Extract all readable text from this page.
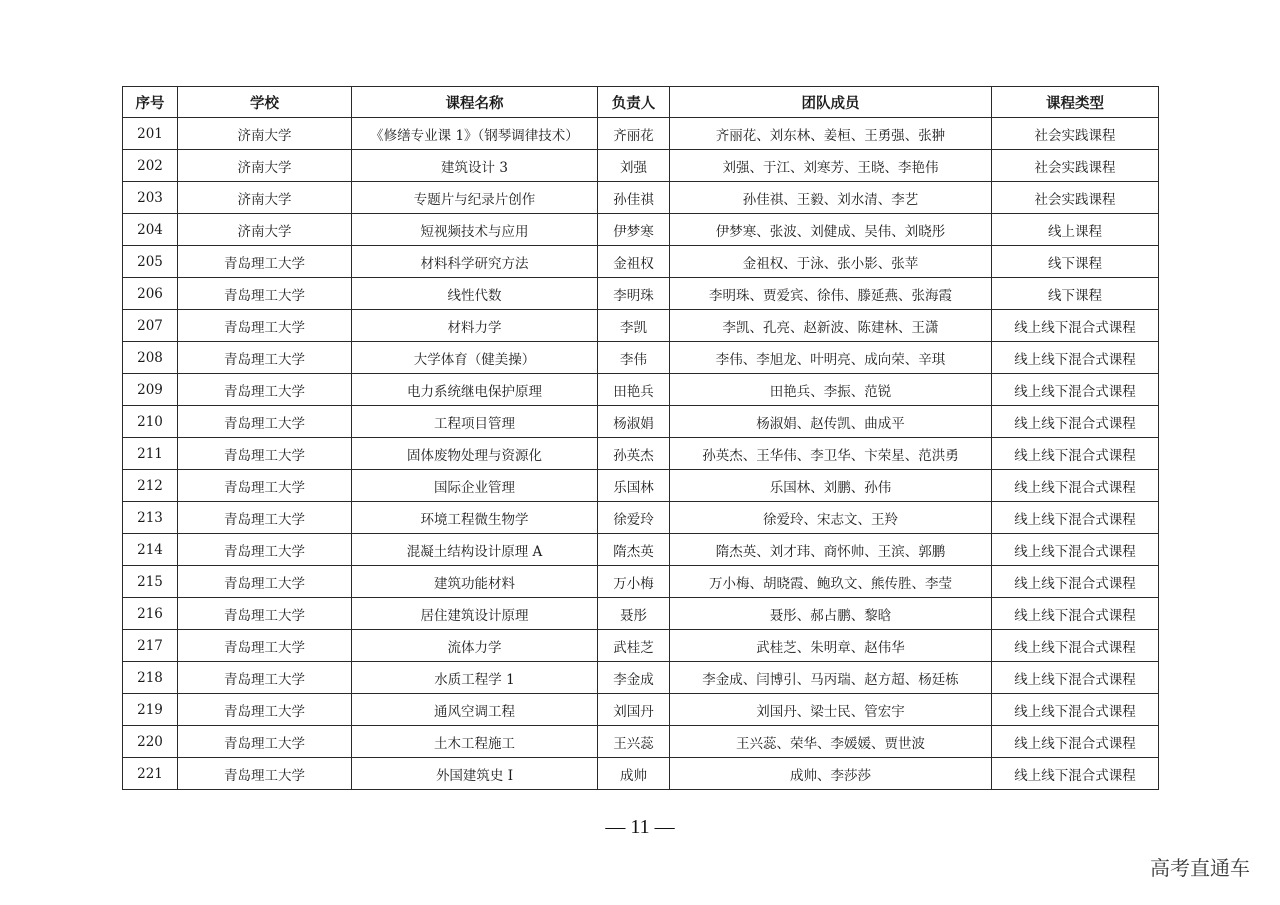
序号	学校	课程名称	负责人	团队成员	课程类型
201	济南大学	《修缮专业课 1》（钢琴调律技术）	齐丽花	齐丽花、刘东林、姜桓、王勇强、张翀	社会实践课程
202	济南大学	建筑设计 3	刘强	刘强、于江、刘寒芳、王晓、李艳伟	社会实践课程
203	济南大学	专题片与纪录片创作	孙佳祺	孙佳祺、王毅、刘水清、李艺	社会实践课程
204	济南大学	短视频技术与应用	伊梦寒	伊梦寒、张波、刘健成、吴伟、刘晓彤	线上课程
205	青岛理工大学	材料科学研究方法	金祖权	金祖权、于泳、张小影、张苹	线下课程
206	青岛理工大学	线性代数	李明珠	李明珠、贾爱宾、徐伟、滕延燕、张海霞	线下课程
207	青岛理工大学	材料力学	李凯	李凯、孔亮、赵新波、陈建林、王潇	线上线下混合式课程
208	青岛理工大学	大学体育（健美操）	李伟	李伟、李旭龙、叶明亮、成向荣、辛琪	线上线下混合式课程
209	青岛理工大学	电力系统继电保护原理	田艳兵	田艳兵、李振、范锐	线上线下混合式课程
210	青岛理工大学	工程项目管理	杨淑娟	杨淑娟、赵传凯、曲成平	线上线下混合式课程
211	青岛理工大学	固体废物处理与资源化	孙英杰	孙英杰、王华伟、李卫华、卞荣星、范洪勇	线上线下混合式课程
212	青岛理工大学	国际企业管理	乐国林	乐国林、刘鹏、孙伟	线上线下混合式课程
213	青岛理工大学	环境工程微生物学	徐爱玲	徐爱玲、宋志文、王羚	线上线下混合式课程
214	青岛理工大学	混凝土结构设计原理 A	隋杰英	隋杰英、刘才玮、商怀帅、王滨、郭鹏	线上线下混合式课程
215	青岛理工大学	建筑功能材料	万小梅	万小梅、胡晓霞、鲍玖文、熊传胜、李莹	线上线下混合式课程
216	青岛理工大学	居住建筑设计原理	聂彤	聂彤、郝占鹏、黎晗	线上线下混合式课程
217	青岛理工大学	流体力学	武桂芝	武桂芝、朱明章、赵伟华	线上线下混合式课程
218	青岛理工大学	水质工程学 1	李金成	李金成、闫博引、马丙瑞、赵方超、杨廷栋	线上线下混合式课程
219	青岛理工大学	通风空调工程	刘国丹	刘国丹、梁士民、管宏宇	线上线下混合式课程
220	青岛理工大学	土木工程施工	王兴蕊	王兴蕊、荣华、李媛媛、贾世波	线上线下混合式课程
221	青岛理工大学	外国建筑史 I	成帅	成帅、李莎莎	线上线下混合式课程
— 11 —
高考直通车
